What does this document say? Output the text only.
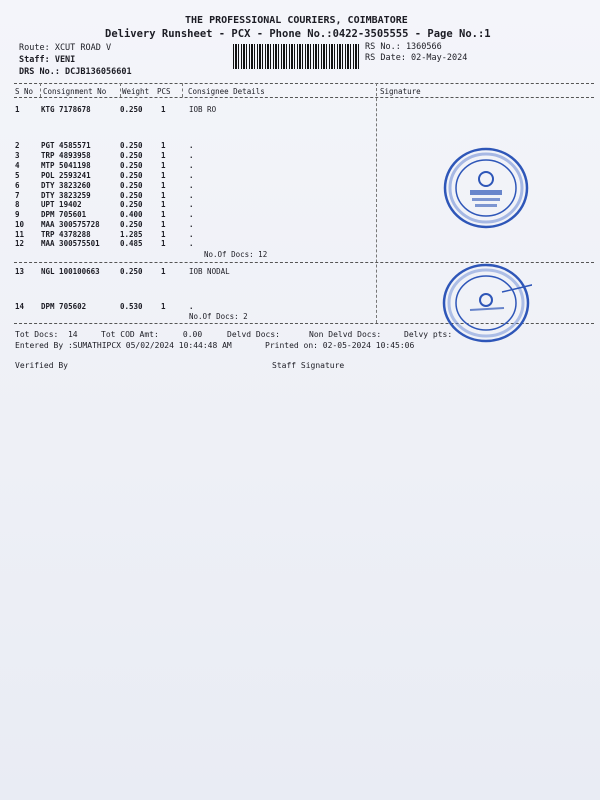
THE PROFESSIONAL COURIERS, COIMBATORE
Delivery Runsheet - PCX - Phone No.:0422-3505555 - Page No.:1
Route: XCUT ROAD V
Staff: VENI
DRS No.: DCJB136056601
RS No.: 1360566
RS Date: 02-May-2024
S No Consignment No Weight PCS Consignee Details	Signature
1	KTG 7178678	0.250 1	IOB RO
2	PGT 4585571	0.250 1	.
3	TRP 4893958	0.250 1	.
4	MTP 5041198	0.250 1	.
5	POL 2593241	0.250 1	.
6	DTY 3823260	0.250 1	.
7	DTY 3823259	0.250 1	.
8	UPT 19402	0.250 1	.
9	DPM 705601	0.400 1	.
10 MAA 300575728	0.250 1	.
11 TRP 4378288	1.285 1	.
12 MAA 300575501	0.485 1	.
No.Of Docs: 12
13 NGL 100100663	0.250 1	IOB NODAL
14 DPM 705602	0.530 1	.
No.Of Docs: 2
Tot Docs:  14	Tot COD Amt:     0.00	Delvd Docs:	Non Delvd Docs:	Delvy pts:
Entered By :SUMATHIPCX 05/02/2024 10:44:48 AM	Printed on: 02-05-2024 10:45:06
Verified By	Staff Signature
